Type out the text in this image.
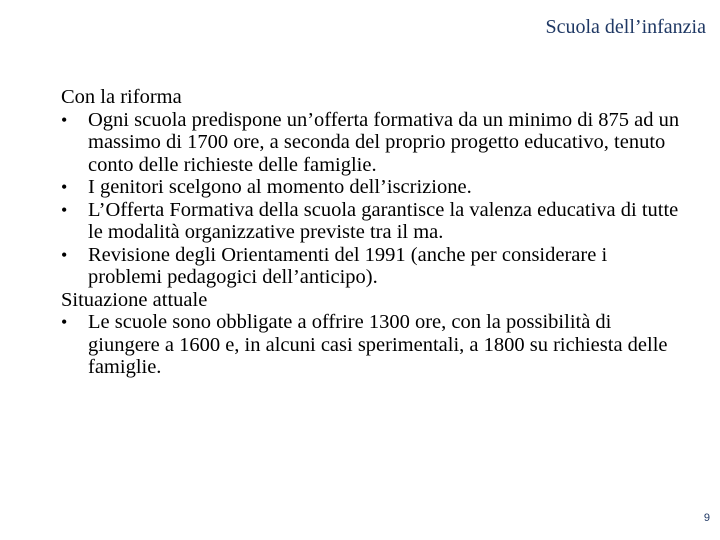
Scuola dell’infanzia
Con la riforma
• Ogni scuola predispone un’offerta formativa da un minimo di 875 ad un massimo di 1700 ore, a seconda del proprio progetto educativo, tenuto conto delle richieste delle famiglie.
• I genitori scelgono al momento dell’iscrizione.
• L’Offerta Formativa della scuola garantisce la valenza educativa di tutte le modalità organizzative previste tra il ma.
• Revisione degli Orientamenti del 1991 (anche per considerare i problemi pedagogici dell’anticipo).
Situazione attuale
• Le scuole sono obbligate a offrire 1300 ore, con la possibilità di giungere a 1600 e, in alcuni casi sperimentali, a 1800 su richiesta delle famiglie.
9
